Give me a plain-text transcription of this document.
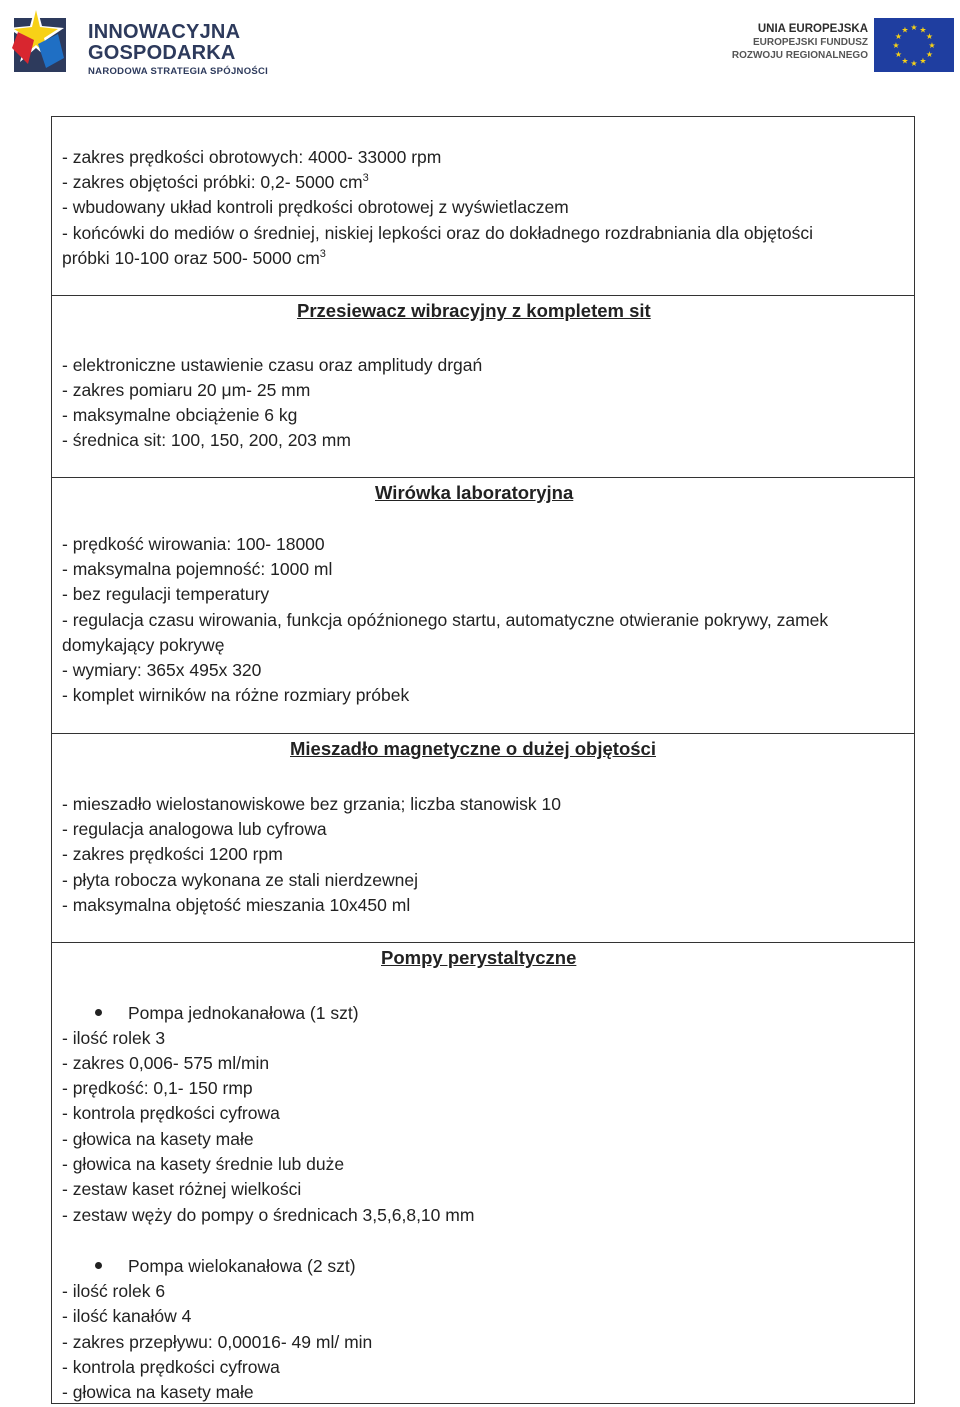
INNOWACYJNA
GOSPODARKA
NARODOWA STRATEGIA SPÓJNOŚCI
UNIA EUROPEJSKA
EUROPEJSKI FUNDUSZ
ROZWOJU REGIONALNEGO
★ ★
★
★
★
★
★
★
★
★
★
★
- zakres prędkości obrotowych: 4000- 33000 rpm
- zakres objętości próbki: 0,2- 5000 $cm^3$
- wbudowany układ kontroli prędkości obrotowej z wyświetlaczem
- końcówki do mediów o średniej, niskiej lepkości oraz do dokładnego rozdrabniania dla objętości
próbki 10-100 oraz 500- 5000 $cm^3$
Przesiewacz wibracyjny z kompletem sit
- elektroniczne ustawienie czasu oraz amplitudy drgań
- zakres pomiaru 20 μm- 25 mm
- maksymalne obciążenie 6 kg
- średnica sit: 100, 150, 200, 203 mm
Wirówka laboratoryjna
- prędkość wirowania: 100- 18000
- maksymalna pojemność: 1000 ml
- bez regulacji temperatury
- regulacja czasu wirowania, funkcja opóźnionego startu, automatyczne otwieranie pokrywy, zamek
domykający pokrywę
- wymiary: 365x 495x 320
- komplet wirników na różne rozmiary próbek
Mieszadło magnetyczne o dużej objętości
- mieszadło wielostanowiskowe bez grzania; liczba stanowisk 10
- regulacja analogowa lub cyfrowa
- zakres prędkości 1200 rpm
- płyta robocza wykonana ze stali nierdzewnej
- maksymalna objętość mieszania 10x450 ml
Pompy perystaltyczne
Pompa jednokanałowa (1 szt)
- ilość rolek 3
- zakres 0,006- 575 ml/min
- prędkość: 0,1- 150 rmp
- kontrola prędkości cyfrowa
- głowica na kasety małe
- głowica na kasety średnie lub duże
- zestaw kaset różnej wielkości
- zestaw węży do pompy o średnicach 3,5,6,8,10 mm
Pompa wielokanałowa (2 szt)
- ilość rolek 6
- ilość kanałów 4
- zakres przepływu: 0,00016- 49 ml/ min
- kontrola prędkości cyfrowa
- głowica na kasety małe
